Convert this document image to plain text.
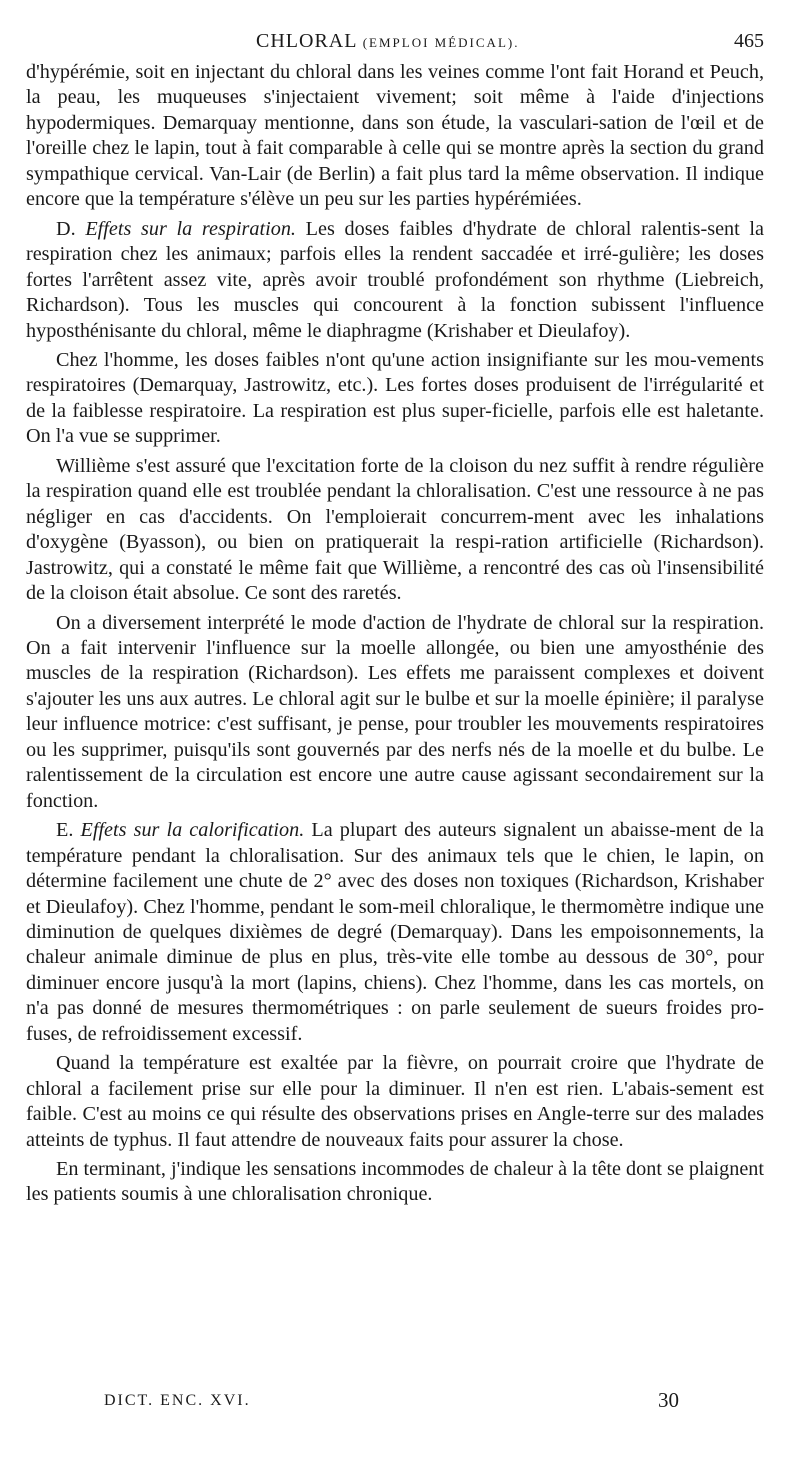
CHLORAL (EMPLOI MÉDICAL).	465

d'hypérémie, soit en injectant du chloral dans les veines comme l'ont fait Horand et Peuch, la peau, les muqueuses s'injectaient vivement; soit même à l'aide d'injections hypodermiques. Demarquay mentionne, dans son étude, la vasculari-sation de l'œil et de l'oreille chez le lapin, tout à fait comparable à celle qui se montre après la section du grand sympathique cervical. Van-Lair (de Berlin) a fait plus tard la même observation. Il indique encore que la température s'élève un peu sur les parties hypérémiées.

D. Effets sur la respiration. Les doses faibles d'hydrate de chloral ralentis-sent la respiration chez les animaux; parfois elles la rendent saccadée et irré-gulière; les doses fortes l'arrêtent assez vite, après avoir troublé profondément son rhythme (Liebreich, Richardson). Tous les muscles qui concourent à la fonction subissent l'influence hyposthénisante du chloral, même le diaphragme (Krishaber et Dieulafoy).

Chez l'homme, les doses faibles n'ont qu'une action insignifiante sur les mou-vements respiratoires (Demarquay, Jastrowitz, etc.). Les fortes doses produisent de l'irrégularité et de la faiblesse respiratoire. La respiration est plus super-ficielle, parfois elle est haletante. On l'a vue se supprimer.

Willième s'est assuré que l'excitation forte de la cloison du nez suffit à rendre régulière la respiration quand elle est troublée pendant la chloralisation. C'est une ressource à ne pas négliger en cas d'accidents. On l'emploierait concurrem-ment avec les inhalations d'oxygène (Byasson), ou bien on pratiquerait la respi-ration artificielle (Richardson). Jastrowitz, qui a constaté le même fait que Willième, a rencontré des cas où l'insensibilité de la cloison était absolue. Ce sont des raretés.

On a diversement interprété le mode d'action de l'hydrate de chloral sur la respiration. On a fait intervenir l'influence sur la moelle allongée, ou bien une amyosthénie des muscles de la respiration (Richardson). Les effets me paraissent complexes et doivent s'ajouter les uns aux autres. Le chloral agit sur le bulbe et sur la moelle épinière; il paralyse leur influence motrice: c'est suffisant, je pense, pour troubler les mouvements respiratoires ou les supprimer, puisqu'ils sont gouvernés par des nerfs nés de la moelle et du bulbe. Le ralentissement de la circulation est encore une autre cause agissant secondairement sur la fonction.

E. Effets sur la calorification. La plupart des auteurs signalent un abaisse-ment de la température pendant la chloralisation. Sur des animaux tels que le chien, le lapin, on détermine facilement une chute de 2° avec des doses non toxiques (Richardson, Krishaber et Dieulafoy). Chez l'homme, pendant le som-meil chloralique, le thermomètre indique une diminution de quelques dixièmes de degré (Demarquay). Dans les empoisonnements, la chaleur animale diminue de plus en plus, très-vite elle tombe au dessous de 30°, pour diminuer encore jusqu'à la mort (lapins, chiens). Chez l'homme, dans les cas mortels, on n'a pas donné de mesures thermométriques : on parle seulement de sueurs froides pro-fuses, de refroidissement excessif.

Quand la température est exaltée par la fièvre, on pourrait croire que l'hydrate de chloral a facilement prise sur elle pour la diminuer. Il n'en est rien. L'abais-sement est faible. C'est au moins ce qui résulte des observations prises en Angle-terre sur des malades atteints de typhus. Il faut attendre de nouveaux faits pour assurer la chose.

En terminant, j'indique les sensations incommodes de chaleur à la tête dont se plaignent les patients soumis à une chloralisation chronique.

DICT. ENC. XVI.	30
